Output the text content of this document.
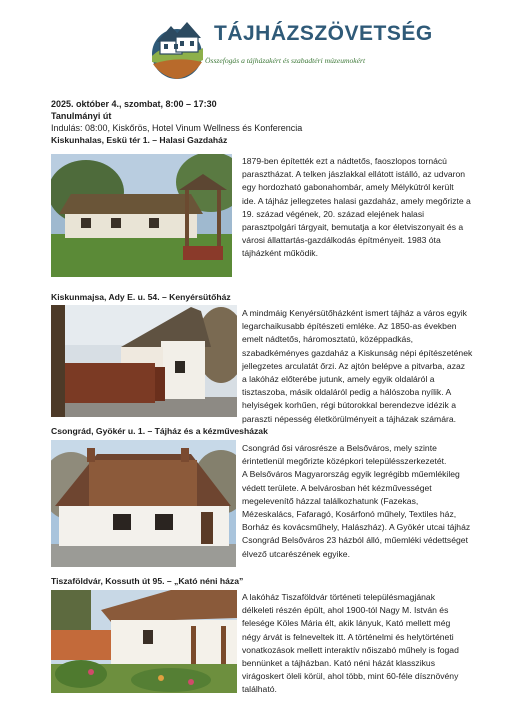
TÁJHÁZSZÖVETSÉG
Összefogás a tájházakért és szabadtéri múzeumokért
2025. október 4., szombat, 8:00 – 17:30
Tanulmányi út
Indulás: 08:00, Kiskőrös, Hotel Vinum Wellness és Konferencia
Kiskunhalas, Eskü tér 1. – Halasi Gazdaház
1879-ben építették ezt a nádtetős, faoszlopos tornácú
parasztházat. A telken jászlakkal ellátott istálló, az udvaron
egy hordozható gabonahombár, amely Mélykútról került
ide. A tájház jellegzetes halasi gazdaház, amely megőrizte a
19. század végének, 20. század elejének halasi
parasztpolgári tárgyait, bemutatja a kor életviszonyait és a
városi állattartás-gazdálkodás építményeit. 1983 óta
tájházként működik.
Kiskunmajsa, Ady E. u. 54. – Kenyérsütőház
A mindmáig Kenyérsütőházként ismert tájház a város egyik
legarchaikusabb építészeti emléke. Az 1850-as években
emelt nádtetős, háromosztatú, középpadkás,
szabadkéményes gazdaház a Kiskunság népi építészetének
jellegzetes arculatát őrzi. Az ajtón belépve a pitvarba, azaz
a lakóház előterébe jutunk, amely egyik oldaláról a
tisztaszoba, másik oldaláról pedig a hálószoba nyílik. A
helyiségek korhűen, régi bútorokkal berendezve idézik a
paraszti népesség életkörülményeit a tájházak számára.
Csongrád, Gyökér u. 1. – Tájház és a kézművesházak
Csongrád ősi városrésze a Belsőváros, mely szinte
érintetlenül megőrizte középkori településszerkezetét.
A Belsőváros Magyarország egyik legrégibb műemlékileg
védett területe. A belvárosban hét kézművességet
megelevenítő házzal találkozhatunk (Fazekas,
Mézeskalács, Fafaragó, Kosárfonó műhely, Textiles ház,
Borház és kovácsműhely, Halászház). A Gyökér utcai tájház
Csongrád Belsőváros 23 házból álló, műemléki védettséget
élvező utcarészének egyike.
Tiszaföldvár, Kossuth út 95. – „Kató néni háza”
A lakóház Tiszaföldvár történeti településmagjának
délkeleti részén épült, ahol 1900-tól Nagy M. István és
felesége Köles Mária élt, akik lányuk, Kató mellett még
négy árvát is felneveltek itt. A történelmi és helytörténeti
vonatkozások mellett interaktív nőiszabó műhely is fogad
bennünket a tájházban. Kató néni házát klasszikus
virágoskert öleli körül, ahol több, mint 60-féle dísznövény
található.
